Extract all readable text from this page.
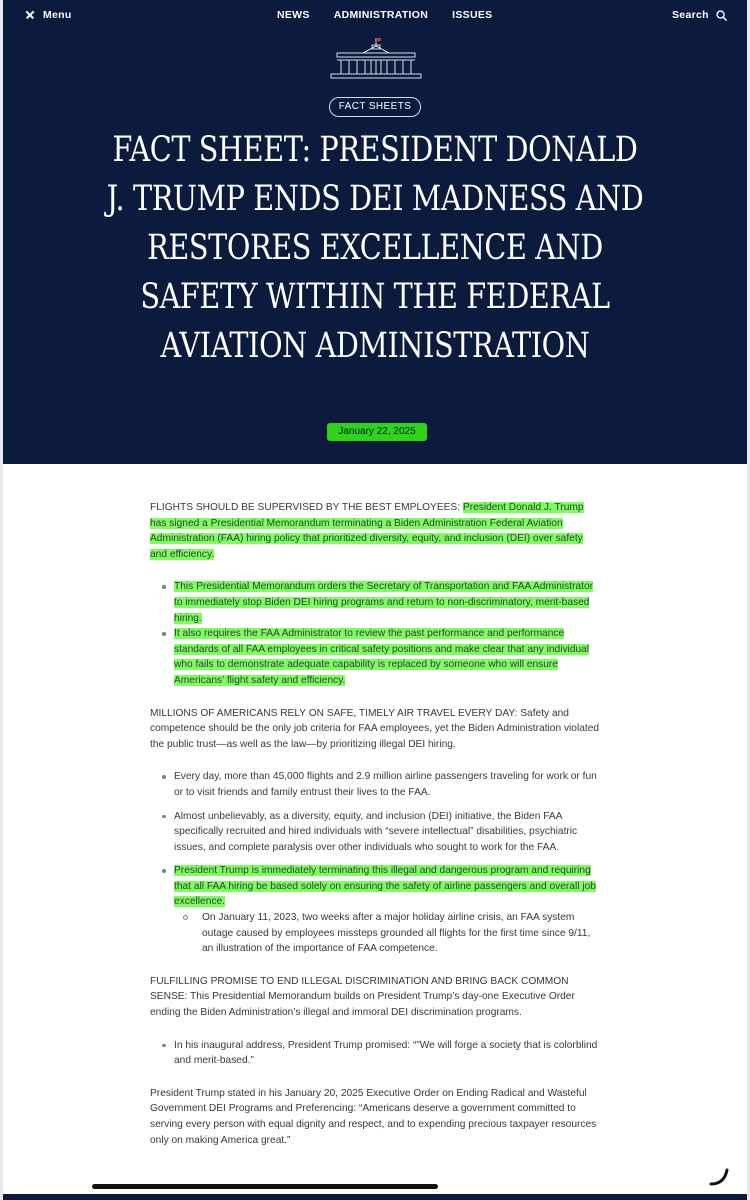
Menu	NEWS ADMINISTRATION ISSUES	Search
FACT SHEETS
FACT SHEET: PRESIDENT DONALD J. TRUMP ENDS DEI MADNESS AND RESTORES EXCELLENCE AND SAFETY WITHIN THE FEDERAL AVIATION ADMINISTRATION
January 22, 2025

FLIGHTS SHOULD BE SUPERVISED BY THE BEST EMPLOYEES: President Donald J. Trump has signed a Presidential Memorandum terminating a Biden Administration Federal Aviation Administration (FAA) hiring policy that prioritized diversity, equity, and inclusion (DEI) over safety and efficiency.

This Presidential Memorandum orders the Secretary of Transportation and FAA Administrator to immediately stop Biden DEI hiring programs and return to non-discriminatory, merit-based hiring.
It also requires the FAA Administrator to review the past performance and performance standards of all FAA employees in critical safety positions and make clear that any individual who fails to demonstrate adequate capability is replaced by someone who will ensure Americans’ flight safety and efficiency.

MILLIONS OF AMERICANS RELY ON SAFE, TIMELY AIR TRAVEL EVERY DAY: Safety and competence should be the only job criteria for FAA employees, yet the Biden Administration violated the public trust—as well as the law—by prioritizing illegal DEI hiring.

Every day, more than 45,000 flights and 2.9 million airline passengers traveling for work or fun or to visit friends and family entrust their lives to the FAA.
Almost unbelievably, as a diversity, equity, and inclusion (DEI) initiative, the Biden FAA specifically recruited and hired individuals with “severe intellectual” disabilities, psychiatric issues, and complete paralysis over other individuals who sought to work for the FAA.
President Trump is immediately terminating this illegal and dangerous program and requiring that all FAA hiring be based solely on ensuring the safety of airline passengers and overall job excellence.
On January 11, 2023, two weeks after a major holiday airline crisis, an FAA system outage caused by employees missteps grounded all flights for the first time since 9/11, an illustration of the importance of FAA competence.

FULFILLING PROMISE TO END ILLEGAL DISCRIMINATION AND BRING BACK COMMON SENSE: This Presidential Memorandum builds on President Trump’s day-one Executive Order ending the Biden Administration’s illegal and immoral DEI discrimination programs.

In his inaugural address, President Trump promised: “”We will forge a society that is colorblind and merit-based.”

President Trump stated in his January 20, 2025 Executive Order on Ending Radical and Wasteful Government DEI Programs and Preferencing: “Americans deserve a government committed to serving every person with equal dignity and respect, and to expending precious taxpayer resources only on making America great.”
